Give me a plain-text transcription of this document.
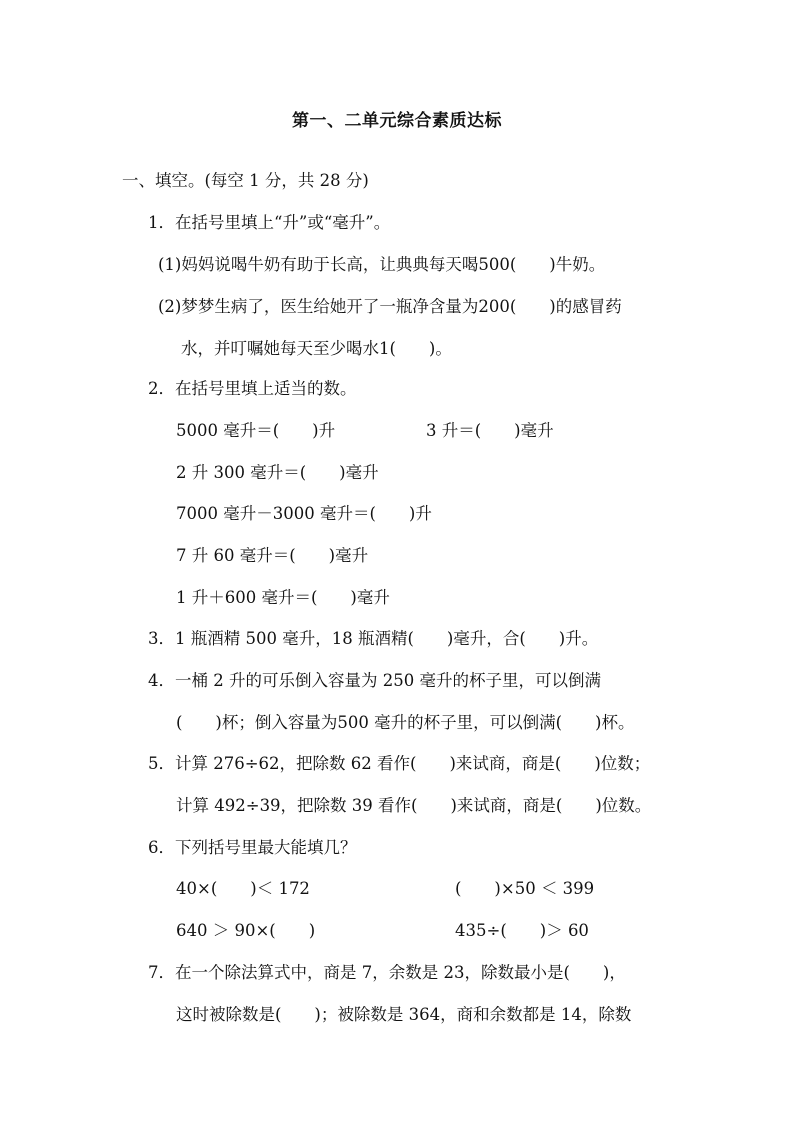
第一、二单元综合素质达标
一、填空。(每空 1 分，共 28 分)
1．在括号里填上“升”或“毫升”。
(1)妈妈说喝牛奶有助于长高，让典典每天喝500(　　)牛奶。
(2)梦梦生病了，医生给她开了一瓶净含量为200(　　)的感冒药
水，并叮嘱她每天至少喝水1(　　)。
2．在括号里填上适当的数。
5000 毫升＝(　　)升	3 升＝(　　)毫升
2 升 300 毫升＝(　　)毫升
7000 毫升－3000 毫升＝(　　)升
7 升 60 毫升＝(　　)毫升
1 升＋600 毫升＝(　　)毫升
3．1 瓶酒精 500 毫升，18 瓶酒精(　　)毫升，合(　　)升。
4．一桶 2 升的可乐倒入容量为 250 毫升的杯子里，可以倒满
(　　)杯；倒入容量为500 毫升的杯子里，可以倒满(　　)杯。
5．计算 276÷62，把除数 62 看作(　　)来试商，商是(　　)位数；
计算 492÷39，把除数 39 看作(　　)来试商，商是(　　)位数。
6．下列括号里最大能填几？
40×(　　)＜ 172	(　　)×50 ＜ 399
640 ＞ 90×(　　)	435÷(　　)＞ 60
7．在一个除法算式中，商是 7，余数是 23，除数最小是(　　)，
这时被除数是(　　)；被除数是 364，商和余数都是 14，除数
